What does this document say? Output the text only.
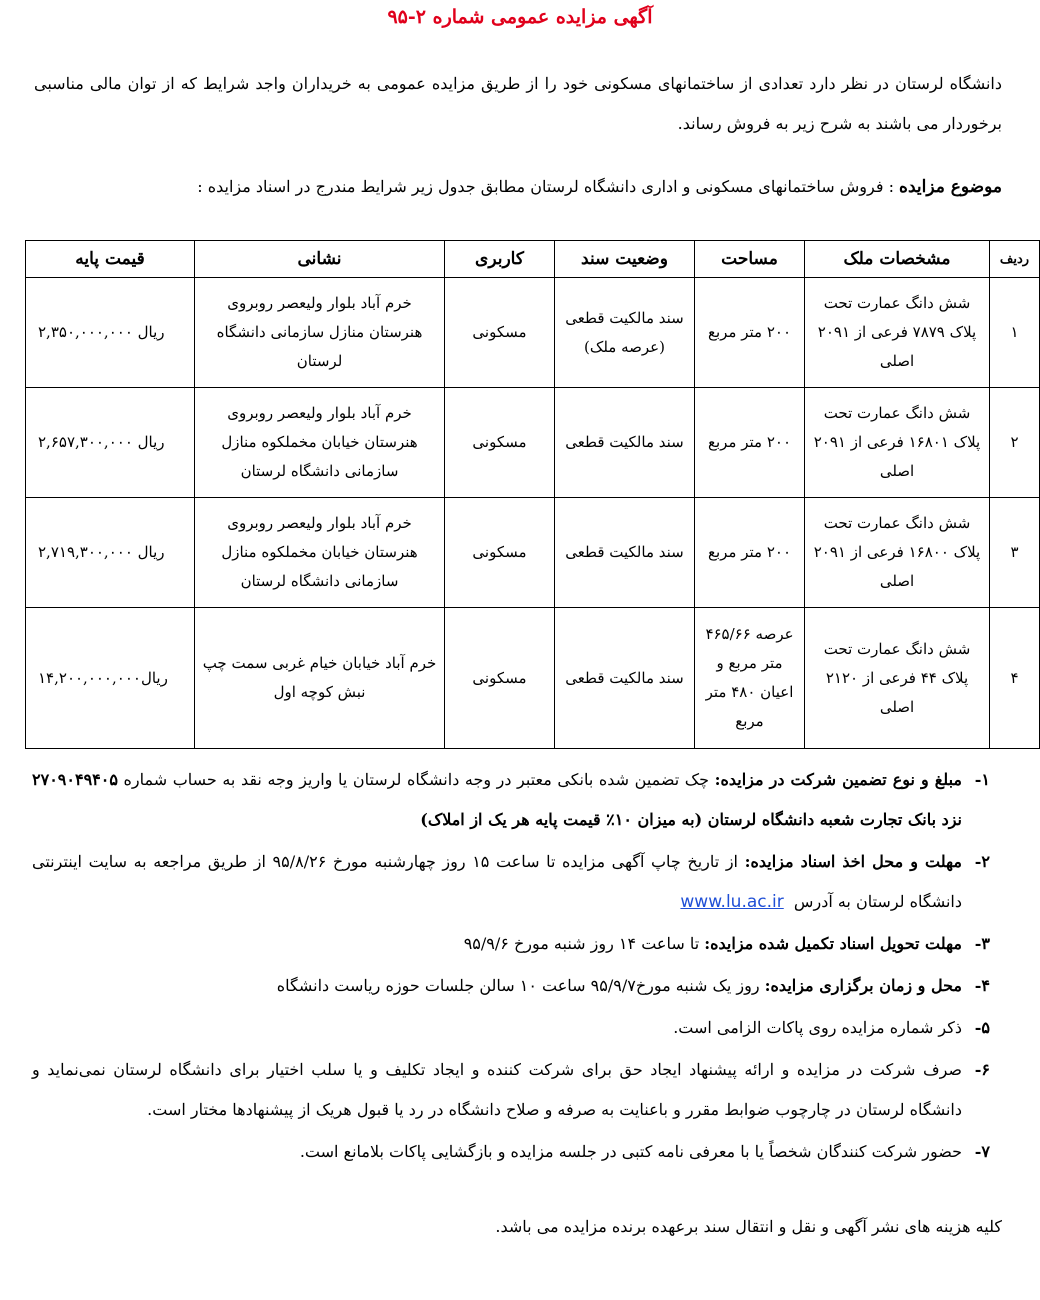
آگهی مزایده عمومی شماره ۲-۹۵
دانشگاه لرستان در نظر دارد تعدادی از ساختمانهای مسکونی خود را از طریق مزایده عمومی به خریداران واجد شرایط که از توان مالی مناسبی برخوردار می باشند به شرح زیر به فروش رساند.
موضوع مزایده : فروش ساختمانهای مسکونی و اداری دانشگاه لرستان مطابق جدول زیر شرایط مندرج در اسناد مزایده :
ردیف	مشخصات ملک	مساحت	وضعیت سند	کاربری	نشانی	قیمت پایه
۱	شش دانگ عمارت تحت پلاک ۷۸۷۹ فرعی از ۲۰۹۱ اصلی	۲۰۰ متر مربع	سند مالکیت قطعی (عرصه ملک)	مسکونی	خرم آباد بلوار ولیعصر روبروی هنرستان منازل سازمانی دانشگاه لرستان	۲,۳۵۰,۰۰۰,۰۰۰ ریال
۲	شش دانگ عمارت تحت پلاک ۱۶۸۰۱ فرعی از ۲۰۹۱ اصلی	۲۰۰ متر مربع	سند مالکیت قطعی	مسکونی	خرم آباد بلوار ولیعصر روبروی هنرستان خیابان مخملکوه منازل سازمانی دانشگاه لرستان	۲,۶۵۷,۳۰۰,۰۰۰ ریال
۳	شش دانگ عمارت تحت پلاک ۱۶۸۰۰ فرعی از ۲۰۹۱ اصلی	۲۰۰ متر مربع	سند مالکیت قطعی	مسکونی	خرم آباد بلوار ولیعصر روبروی هنرستان خیابان مخملکوه منازل سازمانی دانشگاه لرستان	۲,۷۱۹,۳۰۰,۰۰۰ ریال
۴	شش دانگ عمارت تحت پلاک ۴۴ فرعی از ۲۱۲۰ اصلی	عرصه ۴۶۵/۶۶ متر مربع و اعیان ۴۸۰ متر مربع	سند مالکیت قطعی	مسکونی	خرم آباد خیابان خیام غربی سمت چپ نبش کوچه اول	۱۴,۲۰۰,۰۰۰,۰۰۰ریال
۱-
مبلغ و نوع تضمین شرکت در مزایده: چک تضمین شده بانکی معتبر در وجه دانشگاه لرستان یا واریز وجه نقد به حساب شماره ۲۷۰۹۰۴۹۴۰۵ نزد بانک تجارت شعبه دانشگاه لرستان (به میزان ۱۰٪ قیمت پایه هر یک از املاک)
۲-
مهلت و محل اخذ اسناد مزایده: از تاریخ چاپ آگهی مزایده تا ساعت ۱۵ روز چهارشنبه مورخ ۹۵/۸/۲۶ از طریق مراجعه به سایت اینترنتی دانشگاه لرستان به آدرس  www.lu.ac.ir
۳-
مهلت تحویل اسناد تکمیل شده مزایده: تا ساعت ۱۴ روز شنبه مورخ ۹۵/۹/۶
۴-
محل و زمان برگزاری مزایده: روز یک شنبه مورخ۹۵/۹/۷ ساعت ۱۰ سالن جلسات حوزه ریاست دانشگاه
۵-
ذکر شماره مزایده روی پاکات الزامی است.
۶-
صرف شرکت در مزایده و ارائه پیشنهاد ایجاد حق برای شرکت کننده و ایجاد تکلیف و یا سلب اختیار برای دانشگاه لرستان نمی‌نماید و دانشگاه لرستان در چارچوب ضوابط مقرر و باعنایت به صرفه و صلاح دانشگاه در رد یا قبول هریک از پیشنهادها مختار است.
۷-
حضور شرکت کنندگان شخصاً یا با معرفی نامه کتبی در جلسه مزایده و بازگشایی پاکات بلامانع است.
کلیه هزینه های نشر آگهی و نقل و انتقال سند برعهده برنده مزایده می باشد.
